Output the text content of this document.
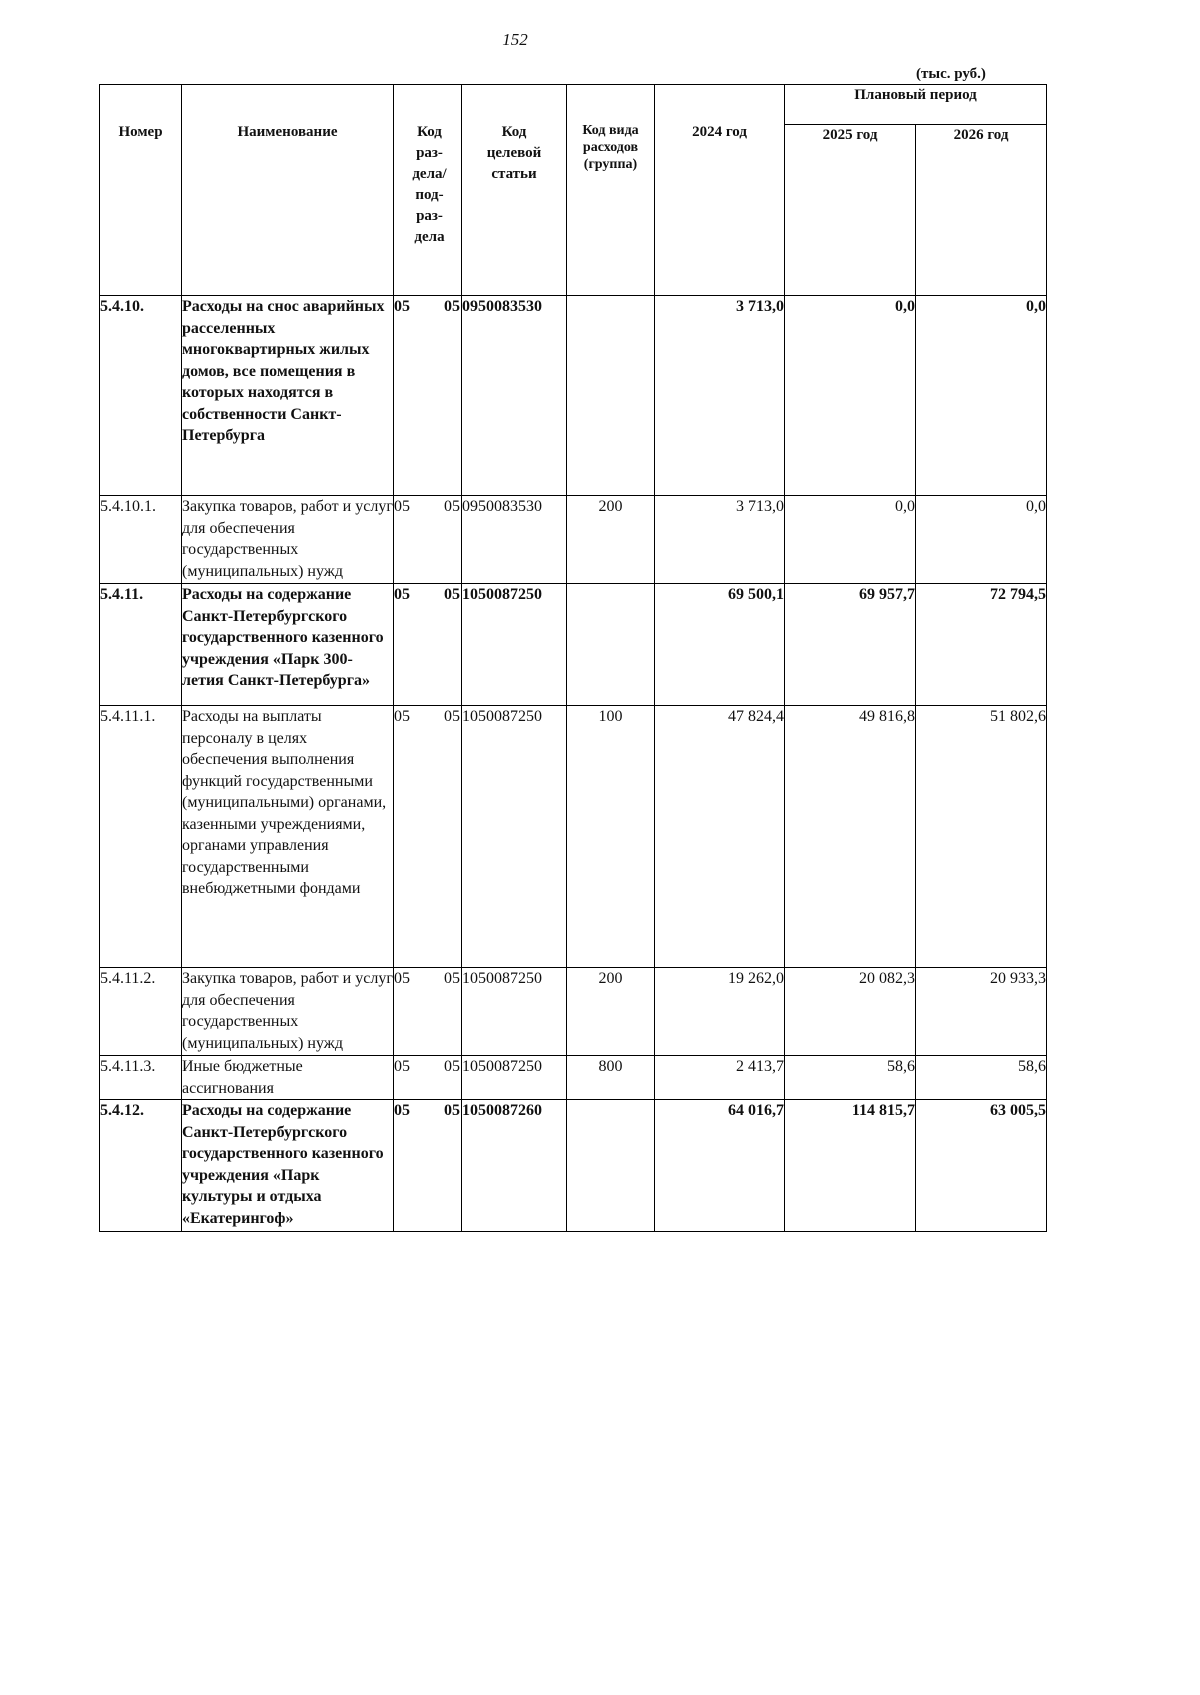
152
(тыс. руб.)
Номер	Наименование	Код раз-дела/ под-раз-дела	Код целевой статьи	Код вида расходов (группа)	2024 год	Плановый период	

						2025 год	2026 год

5.4.10.	Расходы на снос аварийных расселенных многоквартирных жилых домов, все помещения в которых находятся в собственности Санкт-Петербурга	05 05	0950083530		3 713,0	0,0	0,0
5.4.10.1.	Закупка товаров, работ и услуг для обеспечения государственных (муниципальных) нужд	05 05	0950083530	200	3 713,0	0,0	0,0
5.4.11.	Расходы на содержание Санкт-Петербургского государственного казенного учреждения «Парк 300-летия Санкт-Петербурга»	05 05	1050087250		69 500,1	69 957,7	72 794,5
5.4.11.1.	Расходы на выплаты персоналу в целях обеспечения выполнения функций государственными (муниципальными) органами, казенными учреждениями, органами управления государственными внебюджетными фондами	05 05	1050087250	100	47 824,4	49 816,8	51 802,6
5.4.11.2.	Закупка товаров, работ и услуг для обеспечения государственных (муниципальных) нужд	05 05	1050087250	200	19 262,0	20 082,3	20 933,3
5.4.11.3.	Иные бюджетные ассигнования	05 05	1050087250	800	2 413,7	58,6	58,6
5.4.12.	Расходы на содержание Санкт-Петербургского государственного казенного учреждения «Парк культуры и отдыха «Екатерингоф»	05 05	1050087260		64 016,7	114 815,7	63 005,5
